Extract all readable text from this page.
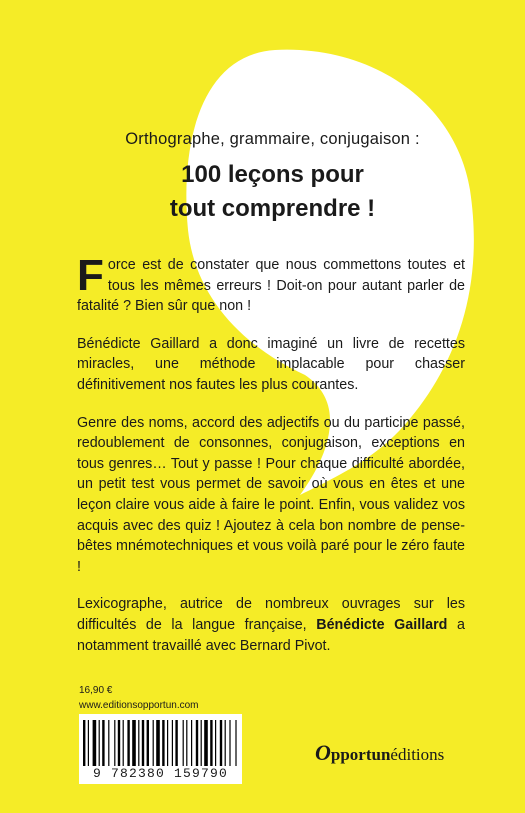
Orthographe, grammaire, conjugaison :
100 leçons pour
tout comprendre !

Force est de constater que nous commettons toutes et tous les mêmes erreurs ! Doit-on pour autant parler de fatalité ? Bien sûr que non !

Bénédicte Gaillard a donc imaginé un livre de recettes miracles, une méthode implacable pour chasser définitivement nos fautes les plus courantes.

Genre des noms, accord des adjectifs ou du participe passé, redoublement de consonnes, conjugaison, exceptions en tous genres… Tout y passe ! Pour chaque difficulté abordée, un petit test vous permet de savoir où vous en êtes et une leçon claire vous aide à faire le point. Enfin, vous validez vos acquis avec des quiz ! Ajoutez à cela bon nombre de pense-bêtes mnémotechniques et vous voilà paré pour le zéro faute !

Lexicographe, autrice de nombreux ouvrages sur les difficultés de la langue française, Bénédicte Gaillard a notamment travaillé avec Bernard Pivot.

16,90 €
www.editionsopportun.com
9 782380 159790
Opportunéditions
